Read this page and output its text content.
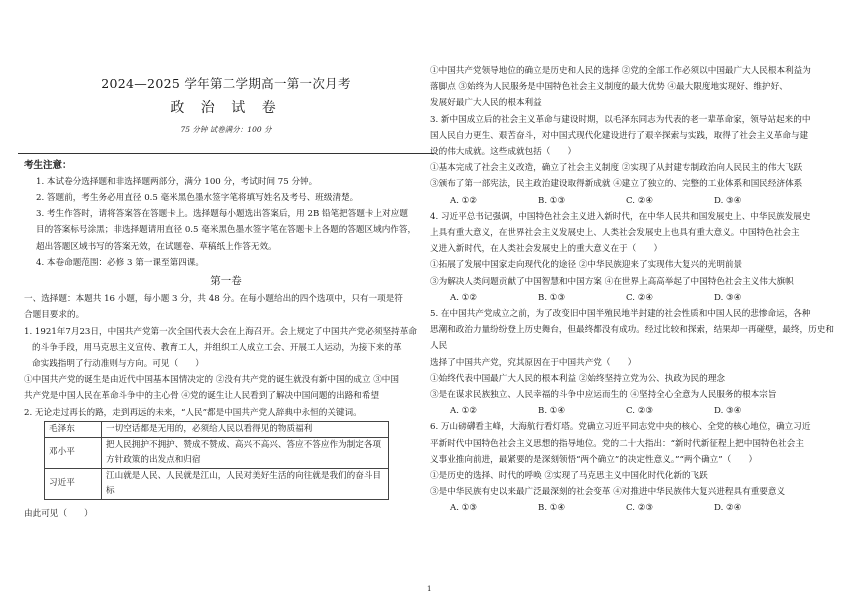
2024—2025 学年第二学期高一第一次月考
政 治 试 卷
75 分钟 试卷满分：100 分
考生注意：

1. 本试卷分选择题和非选择题两部分，满分 100 分，考试时间 75 分钟。

2. 答题前，考生务必用直径 0.5 毫米黑色墨水签字笔将填写姓名及考号、班级清楚。

3. 考生作答时，请将答案答在答题卡上。选择题每小题选出答案后，用 2B 铅笔把答题卡上对应题

目的答案标号涂黑；非选择题请用直径 0.5 毫米黑色墨水签字笔在答题卡上各题的答题区域内作答，

超出答题区域书写的答案无效，在试题卷、草稿纸上作答无效。

4. 本卷命题范围：必修 3 第一课至第四课。

第一卷

一、选择题：本题共 16 小题，每小题 3 分，共 48 分。在每小题给出的四个选项中，只有一项是符

合题目要求的。

1. 1921年7月23日，中国共产党第一次全国代表大会在上海召开。会上规定了中国共产党必须坚持革命

的斗争手段，用马克思主义宣传、教育工人，并组织工人成立工会、开展工人运动，为接下来的革

命实践指明了行动准则与方向。可见（　　）

①中国共产党的诞生是由近代中国基本国情决定的 ②没有共产党的诞生就没有新中国的成立 ③中国

共产党是中国人民在革命斗争中的主心骨 ④党的诞生让人民看到了解决中国问题的出路和希望

2. 无论走过再长的路，走到再远的未来，“人民”都是中国共产党人辞典中永恒的关键词。

毛泽东	一切空话都是无用的，必须给人民以看得见的物质福利
邓小平	把人民拥护不拥护、赞成不赞成、高兴不高兴、答应不答应作为制定各项
方针政策的出发点和归宿

习近平	江山就是人民、人民就是江山，人民对美好生活的向往就是我们的奋斗目
标

由此可见（　　）

①中国共产党领导地位的确立是历史和人民的选择 ②党的全部工作必须以中国最广大人民根本利益为

落脚点 ③始终为人民服务是中国特色社会主义制度的最大优势 ④最大限度地实现好、维护好、

发展好最广大人民的根本利益

3. 新中国成立后的社会主义革命与建设时期，以毛泽东同志为代表的老一辈革命家，领导站起来的中

国人民自力更生、艰苦奋斗，对中国式现代化建设进行了艰辛探索与实践，取得了社会主义革命与建

设的伟大成就。这些成就包括（　　）

①基本完成了社会主义改造，确立了社会主义制度 ②实现了从封建专制政治向人民民主的伟大飞跃

③颁布了第一部宪法，民主政治建设取得新成就 ④建立了独立的、完整的工业体系和国民经济体系

A. ①②	B. ①③	C. ②④	D. ③④

4. 习近平总书记强调，中国特色社会主义进入新时代，在中华人民共和国发展史上、中华民族发展史

上具有重大意义，在世界社会主义发展史上、人类社会发展史上也具有重大意义。中国特色社会主

义进入新时代，在人类社会发展史上的重大意义在于（　　）

①拓展了发展中国家走向现代化的途径 ②中华民族迎来了实现伟大复兴的光明前景

③为解决人类问题贡献了中国智慧和中国方案 ④在世界上高高举起了中国特色社会主义伟大旗帜

A. ①②	B. ①③	C. ②④	D. ③④

5. 在中国共产党成立之前，为了改变旧中国半殖民地半封建的社会性质和中国人民的悲惨命运，各种

思潮和政治力量纷纷登上历史舞台，但最终都没有成功。经过比较和探索，结果却一再碰壁，最终，历史和人民

选择了中国共产党，究其原因在于中国共产党（　　）

①始终代表中国最广大人民的根本利益 ②始终坚持立党为公、执政为民的理念

③是在谋求民族独立、人民幸福的斗争中应运而生的 ④坚持全心全意为人民服务的根本宗旨

A. ①②	B. ①④	C. ②③	D. ③④

6. 万山磅礴看主峰，大海航行看灯塔。党确立习近平同志党中央的核心、全党的核心地位，确立习近

平新时代中国特色社会主义思想的指导地位。党的二十大指出：“新时代新征程上把中国特色社会主

义事业推向前进，最紧要的是深刻领悟“两个确立”的决定性意义。”“两个确立”（　　）

①是历史的选择、时代的呼唤 ②实现了马克思主义中国化时代化新的飞跃

③是中华民族有史以来最广泛最深刻的社会变革 ④对推进中华民族伟大复兴进程具有重要意义

A. ①③	B. ①④	C. ②③	D. ②④
1
